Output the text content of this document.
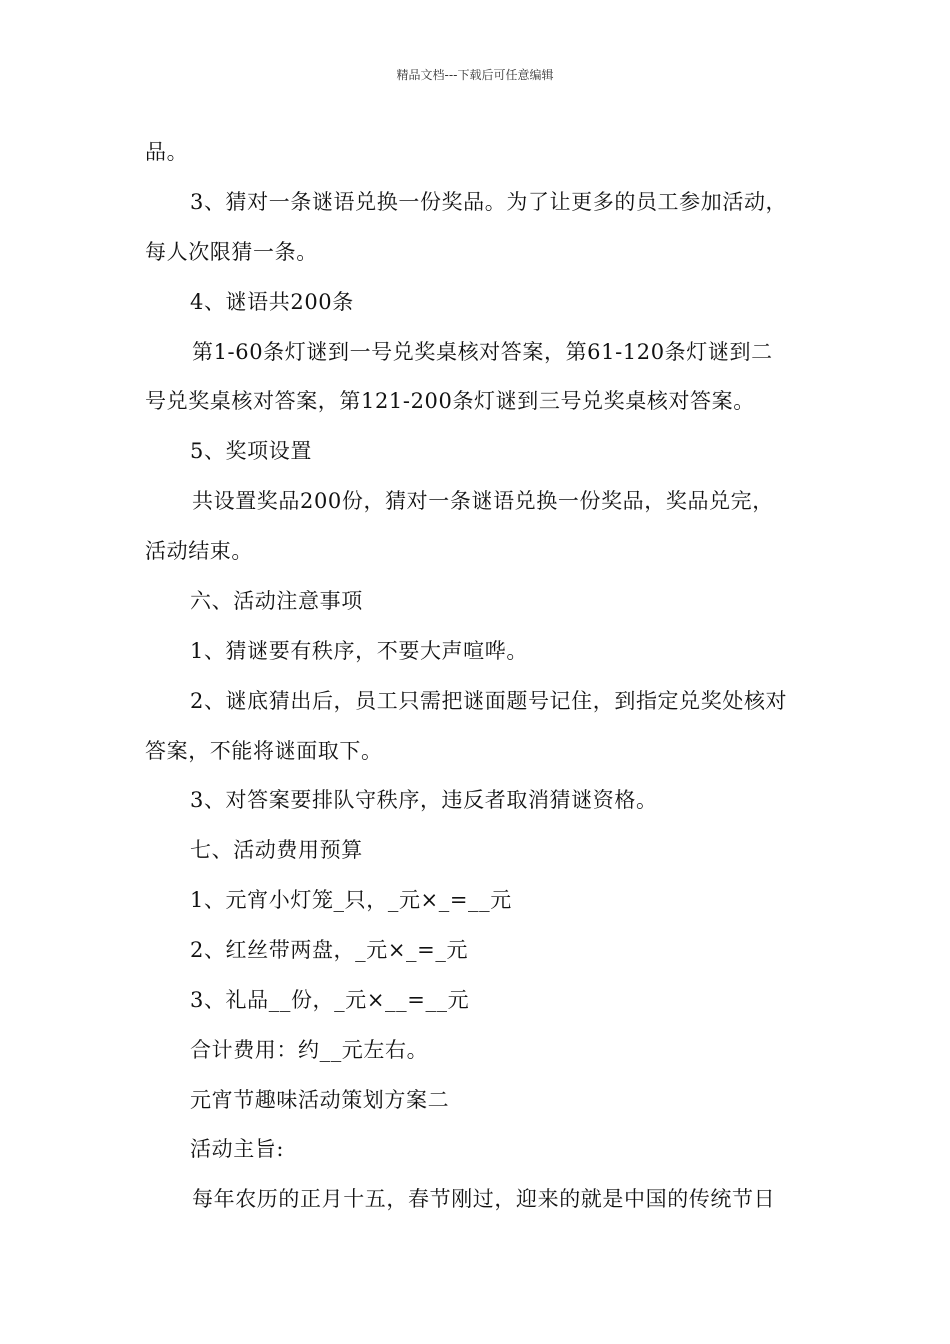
精品文档---下载后可任意编辑
品。
3、猜对一条谜语兑换一份奖品。为了让更多的员工参加活动，
每人次限猜一条。
4、谜语共200条
第1-60条灯谜到一号兑奖桌核对答案，第61-120条灯谜到二
号兑奖桌核对答案，第121-200条灯谜到三号兑奖桌核对答案。
5、奖项设置
共设置奖品200份，猜对一条谜语兑换一份奖品，奖品兑完，
活动结束。
六、活动注意事项
1、猜谜要有秩序，不要大声喧哗。
2、谜底猜出后，员工只需把谜面题号记住，到指定兑奖处核对
答案，不能将谜面取下。
3、对答案要排队守秩序，违反者取消猜谜资格。
七、活动费用预算
1、元宵小灯笼_只，_元×_=__元
2、红丝带两盘，_元×_=_元
3、礼品__份，_元×__=__元
合计费用：约__元左右。
元宵节趣味活动策划方案二
活动主旨:
每年农历的正月十五，春节刚过，迎来的就是中国的传统节日
